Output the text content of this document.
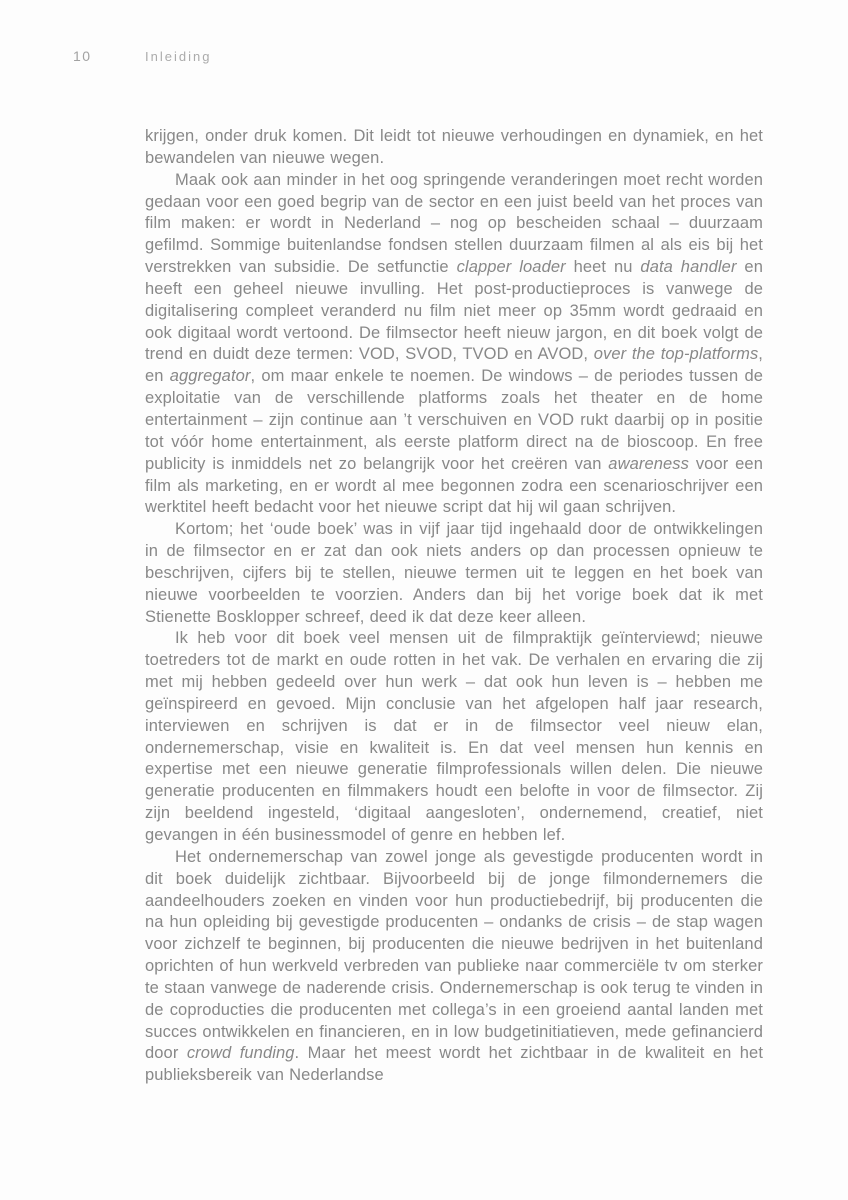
10	Inleiding

krijgen, onder druk komen. Dit leidt tot nieuwe verhoudingen en dynamiek, en het bewandelen van nieuwe wegen.

Maak ook aan minder in het oog springende veranderingen moet recht worden gedaan voor een goed begrip van de sector en een juist beeld van het proces van film maken: er wordt in Nederland – nog op bescheiden schaal – duurzaam gefilmd. Sommige buitenlandse fondsen stellen duurzaam filmen al als eis bij het verstrekken van subsidie. De setfunctie clapper loader heet nu data handler en heeft een geheel nieuwe invulling. Het post-productieproces is vanwege de digitalisering compleet veranderd nu film niet meer op 35mm wordt gedraaid en ook digitaal wordt vertoond. De filmsector heeft nieuw jargon, en dit boek volgt de trend en duidt deze termen: VOD, SVOD, TVOD en AVOD, over the top-platforms, en aggregator, om maar enkele te noemen. De windows – de periodes tussen de exploitatie van de verschillende platforms zoals het theater en de home entertainment – zijn continue aan ’t verschuiven en VOD rukt daarbij op in positie tot vóór home entertainment, als eerste platform direct na de bioscoop. En free publicity is inmiddels net zo belangrijk voor het creëren van awareness voor een film als marketing, en er wordt al mee begonnen zodra een scenarioschrijver een werktitel heeft bedacht voor het nieuwe script dat hij wil gaan schrijven.

Kortom; het ‘oude boek’ was in vijf jaar tijd ingehaald door de ontwikkelingen in de filmsector en er zat dan ook niets anders op dan processen opnieuw te beschrijven, cijfers bij te stellen, nieuwe termen uit te leggen en het boek van nieuwe voorbeelden te voorzien. Anders dan bij het vorige boek dat ik met Stienette Bosklopper schreef, deed ik dat deze keer alleen.

Ik heb voor dit boek veel mensen uit de filmpraktijk geïnterviewd; nieuwe toetreders tot de markt en oude rotten in het vak. De verhalen en ervaring die zij met mij hebben gedeeld over hun werk – dat ook hun leven is – hebben me geïnspireerd en gevoed. Mijn conclusie van het afgelopen half jaar research, interviewen en schrijven is dat er in de filmsector veel nieuw elan, ondernemerschap, visie en kwaliteit is. En dat veel mensen hun kennis en expertise met een nieuwe generatie filmprofessionals willen delen. Die nieuwe generatie producenten en filmmakers houdt een belofte in voor de filmsector. Zij zijn beeldend ingesteld, ‘digitaal aangesloten’, ondernemend, creatief, niet gevangen in één businessmodel of genre en hebben lef.

Het ondernemerschap van zowel jonge als gevestigde producenten wordt in dit boek duidelijk zichtbaar. Bijvoorbeeld bij de jonge filmondernemers die aandeelhouders zoeken en vinden voor hun productiebedrijf, bij producenten die na hun opleiding bij gevestigde producenten – ondanks de crisis – de stap wagen voor zichzelf te beginnen, bij producenten die nieuwe bedrijven in het buitenland oprichten of hun werkveld verbreden van publieke naar commerciële tv om sterker te staan vanwege de naderende crisis. Ondernemerschap is ook terug te vinden in de coproducties die producenten met collega’s in een groeiend aantal landen met succes ontwikkelen en financieren, en in low budgetinitiatieven, mede gefinancierd door crowd funding. Maar het meest wordt het zichtbaar in de kwaliteit en het publieksbereik van Nederlandse
